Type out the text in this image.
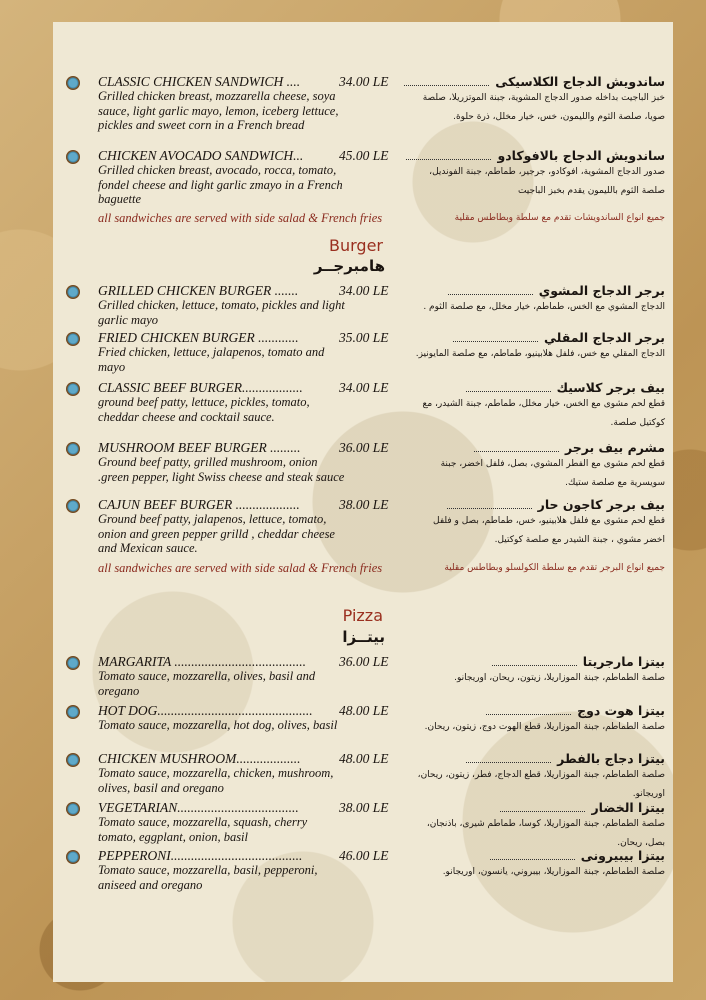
CLASSIC CHICKEN SANDWICH ....
Grilled chicken breast, mozzarella cheese, soya sauce, light garlic mayo, lemon, iceberg lettuce, pickles and sweet corn in a French bread
34.00 LE	ساندويش الدجاج الكلاسيكى
خبز الباجيت بداخله صدور الدجاج المشوية، جبنة الموتزريلا، صلصة صويا، صلصة الثوم والليمون، خس، خيار مخلل، ذرة حلوة.
CHICKEN AVOCADO SANDWICH...
Grilled chicken breast, avocado, rocca, tomato, fondel cheese and light garlic zmayo in a French baguette
45.00 LE	ساندويش الدجاج بالافوكادو
صدور الدجاج المشوية، افوكادو، جرجير، طماطم، جبنة الفونديل، صلصة الثوم بالليمون يقدم بخبز الباجيت
all sandwiches are served with side salad & French fries	جميع انواع الساندويشات تقدم مع سلطة وبطاطس مقلية
Burger
هامبرجــر
GRILLED CHICKEN BURGER .......
Grilled chicken, lettuce, tomato, pickles and light garlic mayo
34.00 LE	برجر الدجاج المشوي
الدجاج المشوي مع الخس، طماطم، خيار مخلل، مع صلصة الثوم .
FRIED CHICKEN BURGER ............
Fried chicken, lettuce, jalapenos, tomato and mayo
35.00 LE	برجر الدجاج المقلي
الدجاج المقلي مع خس، فلفل هلابينيو، طماطم، مع صلصة المايونيز.
CLASSIC BEEF BURGER..................
ground beef patty, lettuce, pickles, tomato, cheddar cheese and cocktail sauce.
34.00 LE	بيف برجر كلاسيك
قطع لحم مشوى مع الخس، خيار مخلل، طماطم، جبنة الشيدر، مع كوكتيل صلصة.
MUSHROOM BEEF BURGER .........
Ground beef patty, grilled mushroom, onion .green pepper, light Swiss cheese and steak sauce
36.00 LE	مشرم بيف برجر
قطع لحم مشوى مع الفطر المشوي، بصل، فلفل اخضر، جبنة سويسرية مع صلصة ستيك.
CAJUN BEEF BURGER ...................
Ground beef patty, jalapenos, lettuce, tomato, onion and green pepper grilld , cheddar cheese and Mexican sauce.
38.00 LE	بيف برجر كاجون حار
قطع لحم مشوى مع فلفل هلابينيو، خس، طماطم، بصل و فلفل اخضر مشوي ، جبنة الشيدر مع صلصة كوكتيل.
all sandwiches are served with side salad & French fries	جميع انواع البرجر تقدم مع سلطة الكولسلو وبطاطس مقلية
Pizza
بيتــزا
MARGARITA .......................................
Tomato sauce, mozzarella, olives, basil and oregano
36.00 LE	بيتزا مارجريتا
صلصة الطماطم، جبنة الموزاريلا، زيتون، ريحان، اوريجانو.
HOT DOG..............................................
Tomato sauce, mozzarella, hot dog, olives, basil
48.00 LE	بيتزا هوت دوج
صلصة الطماطم، جبنة الموزاريلا، قطع الهوت دوج، زيتون، ريحان.
CHICKEN MUSHROOM...................
Tomato sauce, mozzarella, chicken, mushroom, olives, basil and oregano
48.00 LE	بيتزا دجاج بالفطر
صلصة الطماطم، جبنة الموزاريلا، قطع الدجاج، فطر، زيتون، ريحان، اوريجانو.
VEGETARIAN....................................
Tomato sauce, mozzarella, squash, cherry tomato, eggplant, onion, basil
38.00 LE	بيتزا الخضار
صلصة الطماطم، جبنة الموزاريلا، كوسا، طماطم شيرى، باذنجان، بصل، ريحان.
PEPPERONI.......................................
Tomato sauce, mozzarella, basil, pepperoni, aniseed and oregano
46.00 LE	بيتزا بيبيرونى
صلصة الطماطم، جبنة الموزاريلا، بيبروني، يانسون، اوريجانو.
